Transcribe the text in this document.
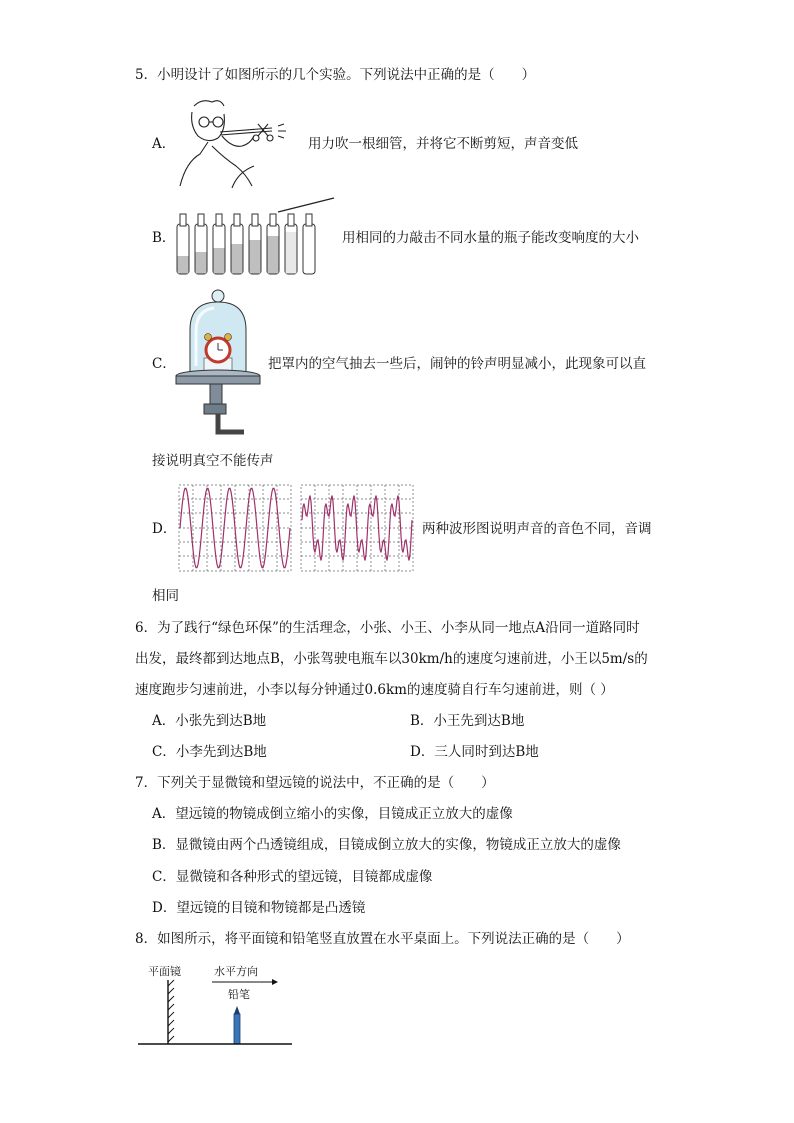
5．小明设计了如图所示的几个实验。下列说法中正确的是（　　）
A．	用力吹一根细管，并将它不断剪短，声音变低
B．	用相同的力敲击不同水量的瓶子能改变响度的大小
C．	把罩内的空气抽去一些后，闹钟的铃声明显减小，此现象可以直
接说明真空不能传声
D．	两种波形图说明声音的音色不同，音调
相同
6．为了践行“绿色环保”的生活理念，小张、小王、小李从同一地点A沿同一道路同时
出发，最终都到达地点B，小张驾驶电瓶车以30km/h的速度匀速前进，小王以5m/s的
速度跑步匀速前进，小李以每分钟通过0.6km的速度骑自行车匀速前进，则（ ）
A．小张先到达B地	B．小王先到达B地
C．小李先到达B地	D．三人同时到达B地
7．下列关于显微镜和望远镜的说法中，不正确的是（　　）
A．望远镜的物镜成倒立缩小的实像，目镜成正立放大的虚像
B．显微镜由两个凸透镜组成，目镜成倒立放大的实像，物镜成正立放大的虚像
C．显微镜和各种形式的望远镜，目镜都成虚像
D．望远镜的目镜和物镜都是凸透镜
8．如图所示，将平面镜和铅笔竖直放置在水平桌面上。下列说法正确的是（　　）
平面镜	水平方向
铅笔
